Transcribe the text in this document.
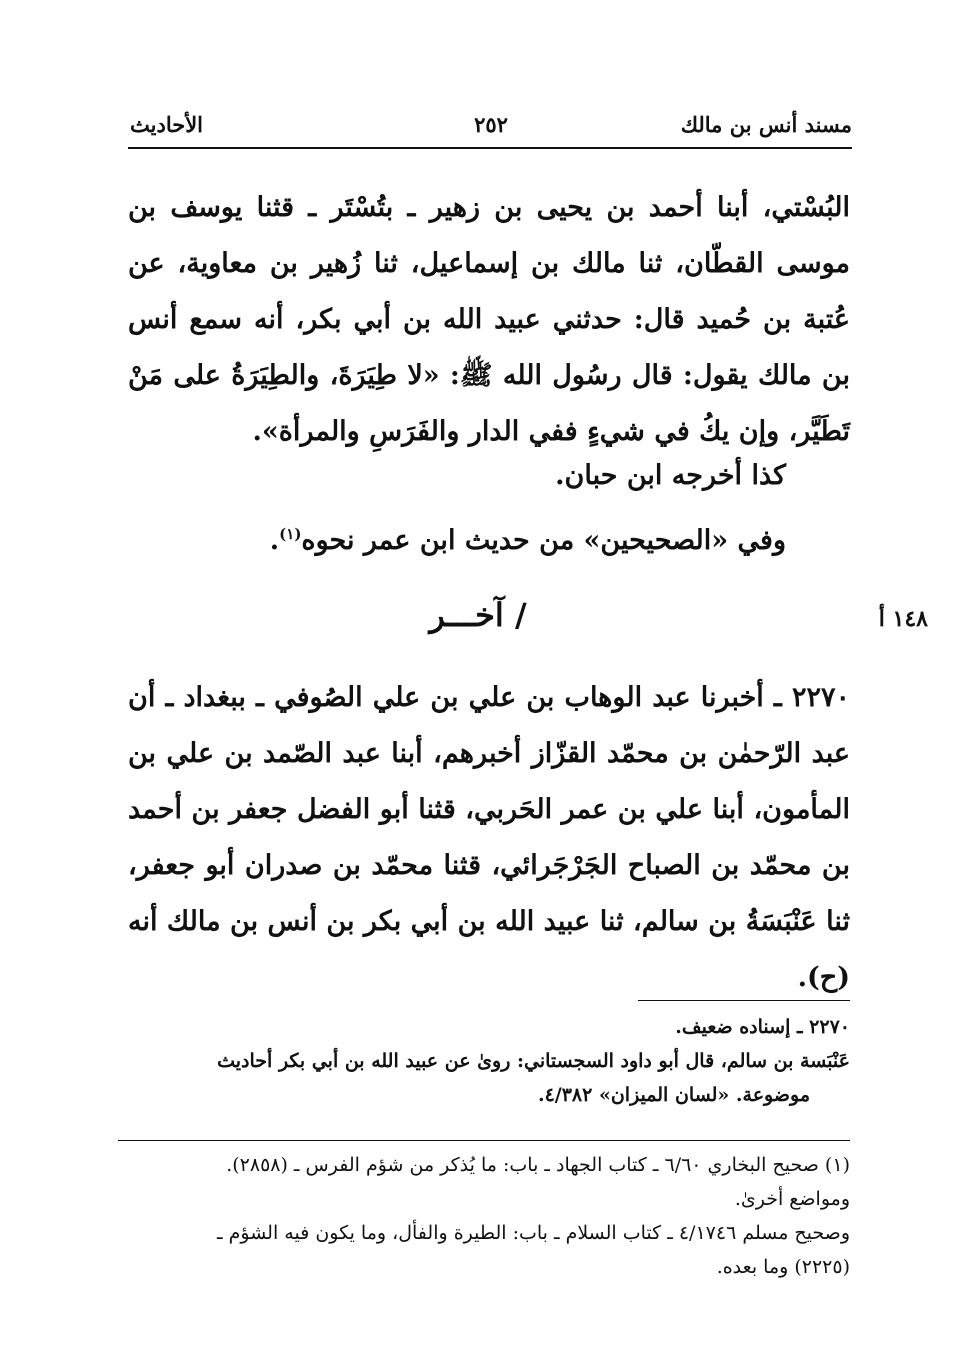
مسند أنس بن مالك
٢٥٢
الأحاديث
البُسْتي، أبنا أحمد بن يحيى بن زهير ـ بتُسْتَر ـ قثنا يوسف بن موسى القطّان، ثنا مالك بن إسماعيل، ثنا زُهير بن معاوية، عن عُتبة بن حُميد قال: حدثني عبيد الله بن أبي بكر، أنه سمع أنس بن مالك يقول: قال رسُول الله ﷺ: «لا طِيَرَةَ، والطِيَرَةُ على مَنْ تَطَيَّر، وإن يكُ في شيءٍ ففي الدار والفَرَسِ والمرأة».
كذا أخرجه ابن حبان.
وفي «الصحيحين» من حديث ابن عمر نحوه$^{(١)}$.
/ آخـــر	١٤٨ أ
٢٢٧٠ ـ أخبرنا عبد الوهاب بن علي بن علي الصُوفي ـ ببغداد ـ أن عبد الرّحمٰن بن محمّد القزّاز أخبرهم، أبنا عبد الصّمد بن علي بن المأمون، أبنا علي بن عمر الحَربي، قثنا أبو الفضل جعفر بن أحمد بن محمّد بن الصباح الجَرْجَرائي، قثنا محمّد بن صدران أبو جعفر، ثنا عَنْبَسَةُ بن سالم، ثنا عبيد الله بن أبي بكر بن أنس بن مالك أنه (ح).
٢٢٧٠ ـ إسناده ضعيف.
عَنْبَسة بن سالم، قال أبو داود السجستاني: روىٰ عن عبيد الله بن أبي بكر أحاديث
موضوعة. «لسان الميزان» ٤/٣٨٢.
(١) صحيح البخاري ٦/٦٠ ـ كتاب الجهاد ـ باب: ما يُذكر من شؤم الفرس ـ (٢٨٥٨).
ومواضع أخرىٰ.
وصحيح مسلم ٤/١٧٤٦ ـ كتاب السلام ـ باب: الطيرة والفأل، وما يكون فيه الشؤم ـ
(٢٢٢٥) وما بعده.
